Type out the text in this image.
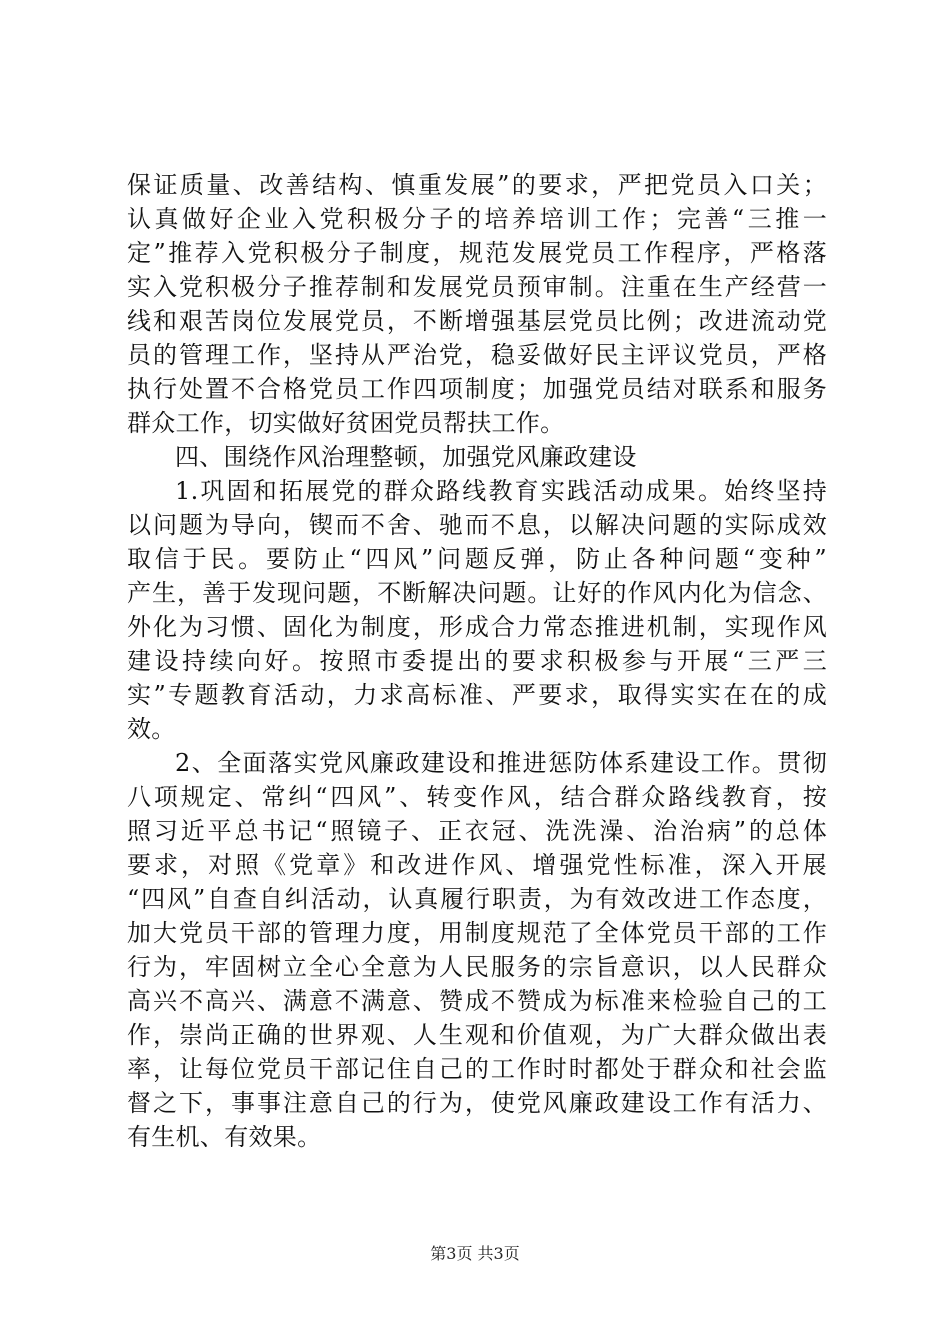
保证质量、改善结构、慎重发展”的要求，严把党员入口关；
认真做好企业入党积极分子的培养培训工作；完善“三推一
定”推荐入党积极分子制度，规范发展党员工作程序，严格落
实入党积极分子推荐制和发展党员预审制。注重在生产经营一
线和艰苦岗位发展党员，不断增强基层党员比例；改进流动党
员的管理工作，坚持从严治党，稳妥做好民主评议党员，严格
执行处置不合格党员工作四项制度；加强党员结对联系和服务
群众工作，切实做好贫困党员帮扶工作。
四、围绕作风治理整顿，加强党风廉政建设
1.巩固和拓展党的群众路线教育实践活动成果。始终坚持
以问题为导向，锲而不舍、驰而不息，以解决问题的实际成效
取信于民。要防止“四风”问题反弹，防止各种问题“变种”
产生，善于发现问题，不断解决问题。让好的作风内化为信念、
外化为习惯、固化为制度，形成合力常态推进机制，实现作风
建设持续向好。按照市委提出的要求积极参与开展“三严三
实”专题教育活动，力求高标准、严要求，取得实实在在的成
效。
2、全面落实党风廉政建设和推进惩防体系建设工作。贯彻
八项规定、常纠“四风”、转变作风，结合群众路线教育，按
照习近平总书记“照镜子、正衣冠、洗洗澡、治治病”的总体
要求，对照《党章》和改进作风、增强党性标准，深入开展
“四风”自查自纠活动，认真履行职责，为有效改进工作态度，
加大党员干部的管理力度，用制度规范了全体党员干部的工作
行为，牢固树立全心全意为人民服务的宗旨意识，以人民群众
高兴不高兴、满意不满意、赞成不赞成为标准来检验自己的工
作，崇尚正确的世界观、人生观和价值观，为广大群众做出表
率，让每位党员干部记住自己的工作时时都处于群众和社会监
督之下，事事注意自己的行为，使党风廉政建设工作有活力、
有生机、有效果。
第3页 共3页
